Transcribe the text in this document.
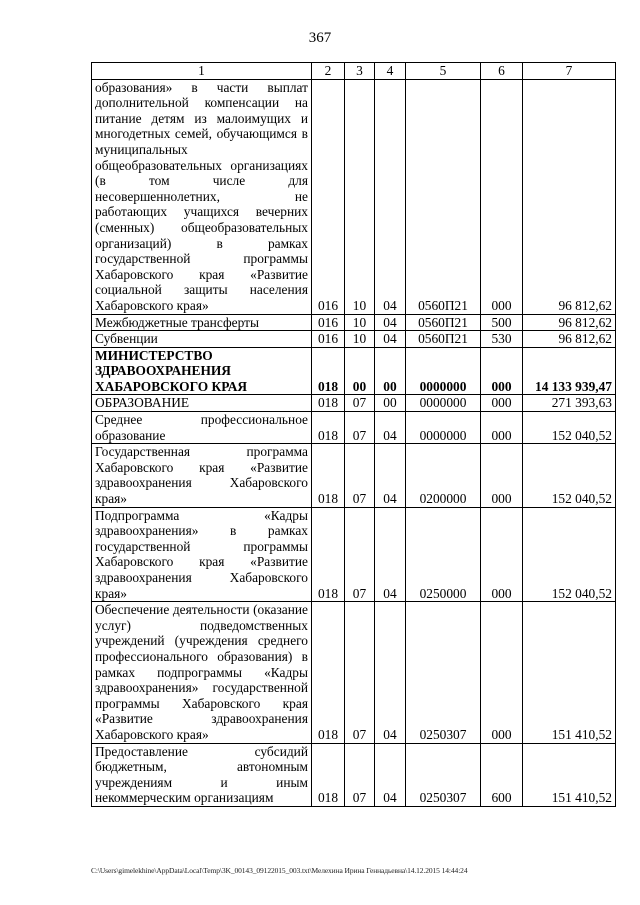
367
1	2	3	4	5	6	7
образования» в части выплат дополнительной компенсации на питание детям из малоимущих и многодетных семей, обучающимся в муниципальных общеобразовательных организациях (в том числе для несовершеннолетних, не работающих учащихся вечерних (сменных) общеобразовательных организаций) в рамках государственной программы Хабаровского края «Развитие социальной защиты населения Хабаровского края»	016	10	04	0560П21	000	96 812,62
Межбюджетные трансферты	016	10	04	0560П21	500	96 812,62
Субвенции	016	10	04	0560П21	530	96 812,62
МИНИСТЕРСТВО ЗДРАВООХРАНЕНИЯ ХАБАРОВСКОГО КРАЯ	018	00	00	0000000	000	14 133 939,47
ОБРАЗОВАНИЕ	018	07	00	0000000	000	271 393,63
Среднее профессиональное образование	018	07	04	0000000	000	152 040,52
Государственная программа Хабаровского края «Развитие здравоохранения Хабаровского края»	018	07	04	0200000	000	152 040,52
Подпрограмма «Кадры здравоохранения» в рамках государственной программы Хабаровского края «Развитие здравоохранения Хабаровского края»	018	07	04	0250000	000	152 040,52
Обеспечение деятельности (оказание услуг) подведомственных учреждений (учреждения среднего профессионального образования) в рамках подпрограммы «Кадры здравоохранения» государственной программы Хабаровского края «Развитие здравоохранения Хабаровского края»	018	07	04	0250307	000	151 410,52
Предоставление субсидий бюджетным, автономным учреждениям и иным некоммерческим организациям	018	07	04	0250307	600	151 410,52
C:\Users\gimelekhine\AppData\Local\Temp\3K_00143_09122015_003.txt\Мелехина Ирина Геннадьевна\14.12.2015 14:44:24
